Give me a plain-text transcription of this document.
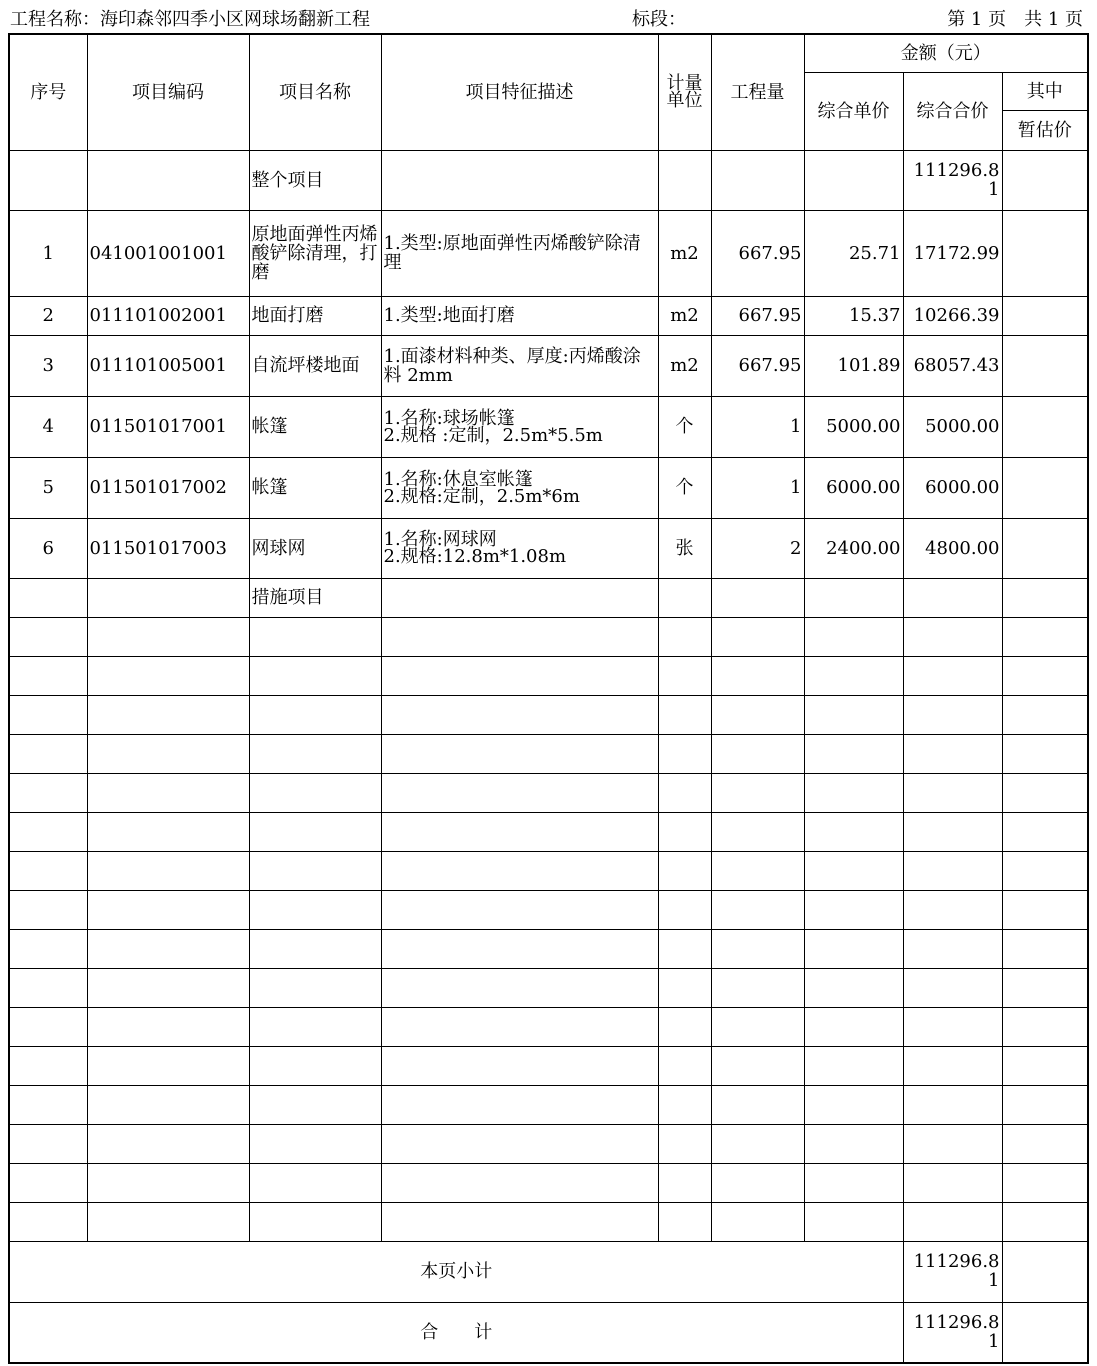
工程名称：海印森邻四季小区网球场翻新工程	标段：	第 1 页　共 1 页
序号	项目编码	项目名称	项目特征描述	计量单位	工程量	金额（元）		
						综合单价	综合合价	其中
								暂估价
		整个项目					111296.81	
1	041001001001	原地面弹性丙烯酸铲除清理，打磨	1.类型:原地面弹性丙烯酸铲除清理	m2	667.95	25.71	17172.99	
2	011101002001	地面打磨	1.类型:地面打磨	m2	667.95	15.37	10266.39	
3	011101005001	自流坪楼地面	1.面漆材料种类、厚度:丙烯酸涂料 2mm	m2	667.95	101.89	68057.43	
4	011501017001	帐篷	1.名称:球场帐篷
2.规格 :定制，2.5m*5.5m	个	1	5000.00	5000.00	
5	011501017002	帐篷	1.名称:休息室帐篷
2.规格:定制，2.5m*6m	个	1	6000.00	6000.00	
6	011501017003	网球网	1.名称:网球网
2.规格:12.8m*1.08m	张	2	2400.00	4800.00	
		措施项目						

本页小计							111296.81	
合　　计							111296.81	
